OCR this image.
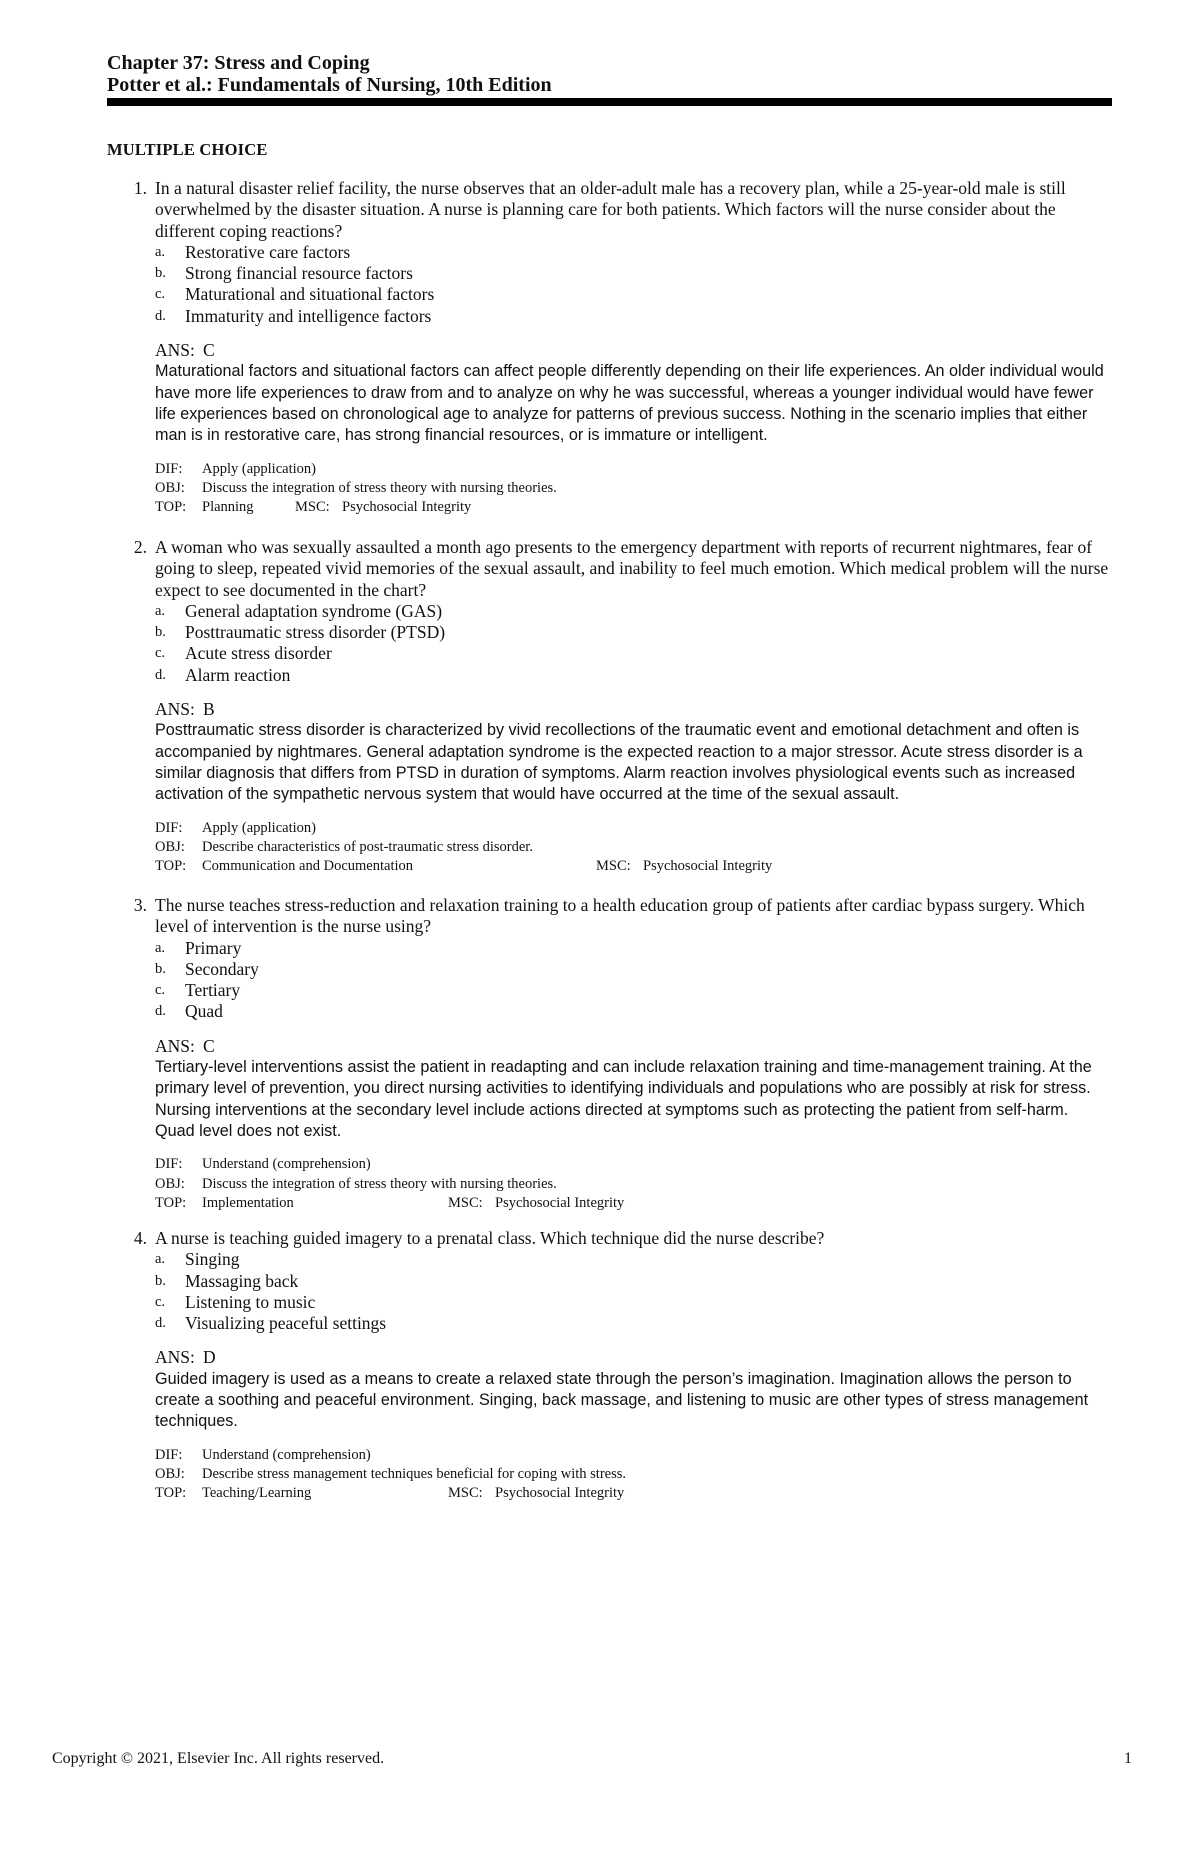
Chapter 37: Stress and Coping
Potter et al.: Fundamentals of Nursing, 10th Edition
MULTIPLE CHOICE
1. In a natural disaster relief facility, the nurse observes that an older-adult male has a recovery plan, while a 25-year-old male is still overwhelmed by the disaster situation. A nurse is planning care for both patients. Which factors will the nurse consider about the different coping reactions?
a.	Restorative care factors
b.	Strong financial resource factors
c.	Maturational and situational factors
d.	Immaturity and intelligence factors
ANS: C
Maturational factors and situational factors can affect people differently depending on their life experiences. An older individual would have more life experiences to draw from and to analyze on why he was successful, whereas a younger individual would have fewer life experiences based on chronological age to analyze for patterns of previous success. Nothing in the scenario implies that either man is in restorative care, has strong financial resources, or is immature or intelligent.
DIF:	Apply (application)
OBJ:	Discuss the integration of stress theory with nursing theories.
TOP:	Planning	MSC: Psychosocial Integrity
2. A woman who was sexually assaulted a month ago presents to the emergency department with reports of recurrent nightmares, fear of going to sleep, repeated vivid memories of the sexual assault, and inability to feel much emotion. Which medical problem will the nurse expect to see documented in the chart?
a.	General adaptation syndrome (GAS)
b.	Posttraumatic stress disorder (PTSD)
c.	Acute stress disorder
d.	Alarm reaction
ANS: B
Posttraumatic stress disorder is characterized by vivid recollections of the traumatic event and emotional detachment and often is accompanied by nightmares. General adaptation syndrome is the expected reaction to a major stressor. Acute stress disorder is a similar diagnosis that differs from PTSD in duration of symptoms. Alarm reaction involves physiological events such as increased activation of the sympathetic nervous system that would have occurred at the time of the sexual assault.
DIF:	Apply (application)
OBJ:	Describe characteristics of post-traumatic stress disorder.
TOP:	Communication and Documentation	MSC: Psychosocial Integrity
3. The nurse teaches stress-reduction and relaxation training to a health education group of patients after cardiac bypass surgery. Which level of intervention is the nurse using?
a.	Primary
b.	Secondary
c.	Tertiary
d.	Quad
ANS: C
Tertiary-level interventions assist the patient in readapting and can include relaxation training and time-management training. At the primary level of prevention, you direct nursing activities to identifying individuals and populations who are possibly at risk for stress. Nursing interventions at the secondary level include actions directed at symptoms such as protecting the patient from self-harm. Quad level does not exist.
DIF:	Understand (comprehension)
OBJ:	Discuss the integration of stress theory with nursing theories.
TOP:	Implementation	MSC: Psychosocial Integrity
4. A nurse is teaching guided imagery to a prenatal class. Which technique did the nurse describe?
a.	Singing
b.	Massaging back
c.	Listening to music
d.	Visualizing peaceful settings
ANS: D
Guided imagery is used as a means to create a relaxed state through the person’s imagination. Imagination allows the person to create a soothing and peaceful environment. Singing, back massage, and listening to music are other types of stress management techniques.
DIF:	Understand (comprehension)
OBJ:	Describe stress management techniques beneficial for coping with stress.
TOP:	Teaching/Learning	MSC: Psychosocial Integrity
Copyright © 2021, Elsevier Inc. All rights reserved.	1
